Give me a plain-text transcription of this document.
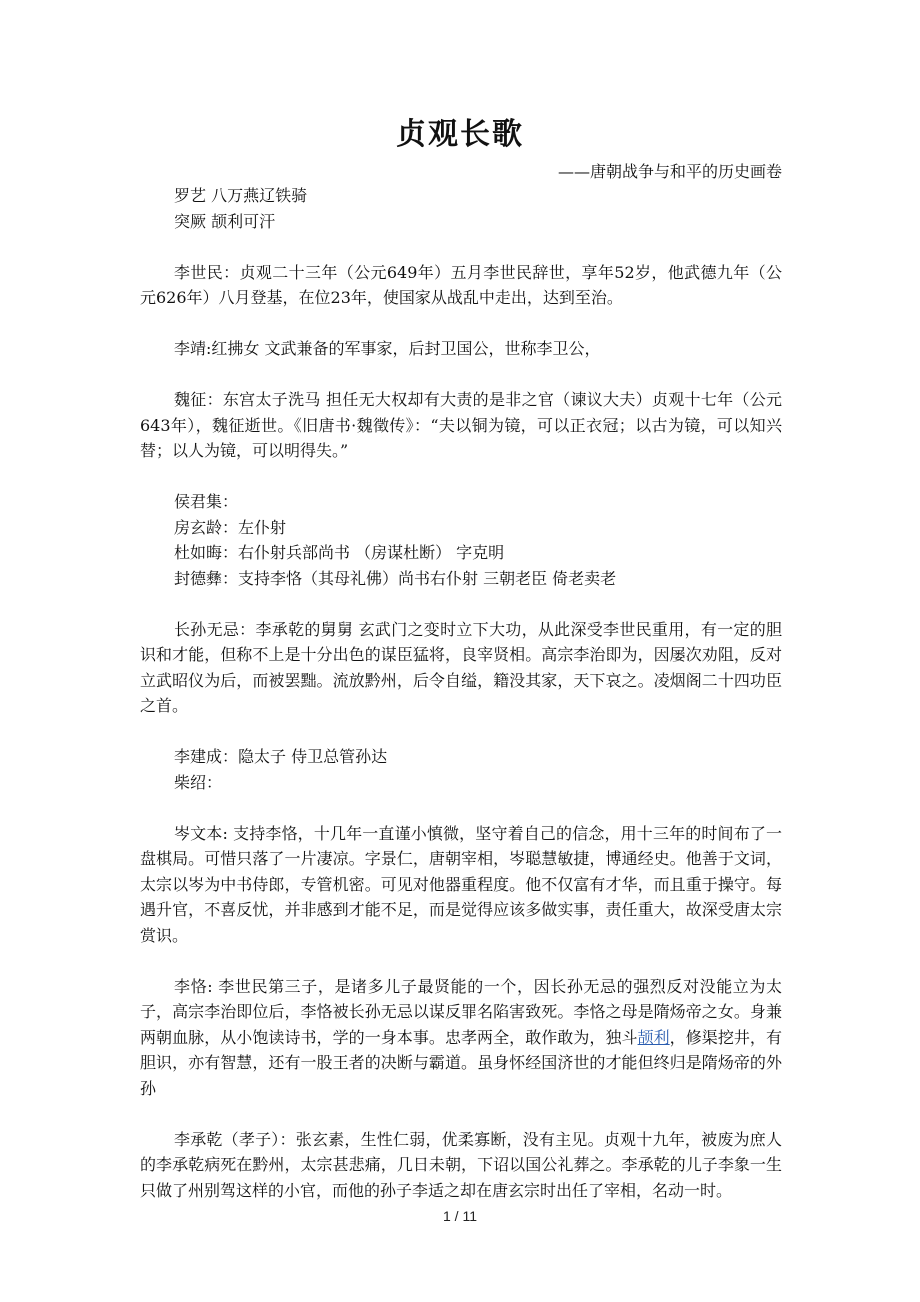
贞观长歌
——唐朝战争与和平的历史画卷

罗艺 八万燕辽铁骑

突厥 颉利可汗

李世民：贞观二十三年（公元649年）五月李世民辞世，享年52岁，他武德九年（公元626年）八月登基，在位23年，使国家从战乱中走出，达到至治。

李靖:红拂女 文武兼备的军事家，后封卫国公，世称李卫公，

魏征：东宫太子洗马 担任无大权却有大责的是非之官（谏议大夫）贞观十七年（公元643年），魏征逝世。《旧唐书·魏徵传》：“夫以铜为镜，可以正衣冠；以古为镜，可以知兴替；以人为镜，可以明得失。”

侯君集：

房玄龄：左仆射

杜如晦：右仆射兵部尚书 （房谋杜断） 字克明

封德彝：支持李恪（其母礼佛）尚书右仆射 三朝老臣 倚老卖老

长孙无忌：李承乾的舅舅 玄武门之变时立下大功，从此深受李世民重用，有一定的胆识和才能，但称不上是十分出色的谋臣猛将，良宰贤相。高宗李治即为，因屡次劝阻，反对立武昭仪为后，而被罢黜。流放黔州，后令自缢，籍没其家，天下哀之。凌烟阁二十四功臣之首。

李建成：隐太子 侍卫总管孙达

柴绍：

岑文本: 支持李恪，十几年一直谨小慎微，坚守着自己的信念，用十三年的时间布了一盘棋局。可惜只落了一片凄凉。字景仁，唐朝宰相，岑聪慧敏捷，博通经史。他善于文词，太宗以岑为中书侍郎，专管机密。可见对他器重程度。他不仅富有才华，而且重于操守。每遇升官，不喜反忧，并非感到才能不足，而是觉得应该多做实事，责任重大，故深受唐太宗赏识。

李恪: 李世民第三子，是诸多儿子最贤能的一个，因长孙无忌的强烈反对没能立为太子，高宗李治即位后，李恪被长孙无忌以谋反罪名陷害致死。李恪之母是隋炀帝之女。身兼两朝血脉，从小饱读诗书，学的一身本事。忠孝两全，敢作敢为，独斗颉利，修渠挖井，有胆识，亦有智慧，还有一股王者的决断与霸道。虽身怀经国济世的才能但终归是隋炀帝的外孙

李承乾（孝子）：张玄素，生性仁弱，优柔寡断，没有主见。贞观十九年，被废为庶人的李承乾病死在黔州，太宗甚悲痛，几日未朝，下诏以国公礼葬之。李承乾的儿子李象一生只做了州别驾这样的小官，而他的孙子李适之却在唐玄宗时出任了宰相，名动一时。

1 / 11
